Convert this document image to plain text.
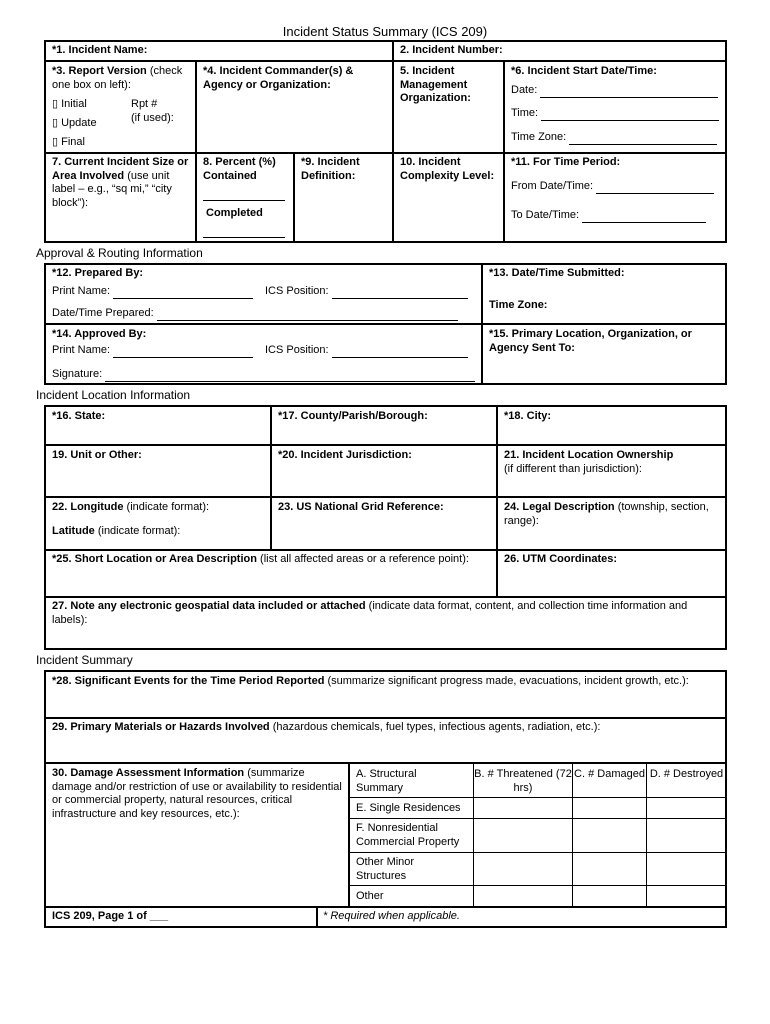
Incident Status Summary (ICS 209)
*1. Incident Name:	2. Incident Number:
*3. Report Version (check one box on left):
▯ Initial
▯ Update
▯ Final
Rpt #
(if used):
*4. Incident Commander(s) & Agency or Organization:
5. Incident Management Organization:
*6. Incident Start Date/Time:
Date:
Time:
Time Zone:
7. Current Incident Size or Area Involved (use unit label – e.g., “sq mi,” “city block”):
8. Percent (%) Contained
Completed
*9. Incident Definition:
10. Incident Complexity Level:
*11. For Time Period:
From Date/Time:
To Date/Time:
Approval & Routing Information
*12. Prepared By:
Print Name:	ICS Position:
Date/Time Prepared:
*13. Date/Time Submitted:
Time Zone:
*14. Approved By:
Print Name:	ICS Position:
Signature:
*15. Primary Location, Organization, or Agency Sent To:
Incident Location Information
*16. State:	*17. County/Parish/Borough:	*18. City:
19. Unit or Other:	*20. Incident Jurisdiction:	21. Incident Location Ownership
(if different than jurisdiction):
22. Longitude (indicate format):
Latitude (indicate format):
23. US National Grid Reference:	24. Legal Description (township, section, range):
*25. Short Location or Area Description (list all affected areas or a reference point):	26. UTM Coordinates:
27. Note any electronic geospatial data included or attached (indicate data format, content, and collection time information and labels):
Incident Summary
*28. Significant Events for the Time Period Reported (summarize significant progress made, evacuations, incident growth, etc.):
29. Primary Materials or Hazards Involved (hazardous chemicals, fuel types, infectious agents, radiation, etc.):
30. Damage Assessment Information (summarize damage and/or restriction of use or availability to residential or commercial property, natural resources, critical infrastructure and key resources, etc.):
A. Structural Summary
B. # Threatened (72 hrs)
C. # Damaged D. # Destroyed
E. Single Residences
F. Nonresidential Commercial Property
Other Minor Structures
Other
ICS 209, Page 1 of ___	* Required when applicable.
